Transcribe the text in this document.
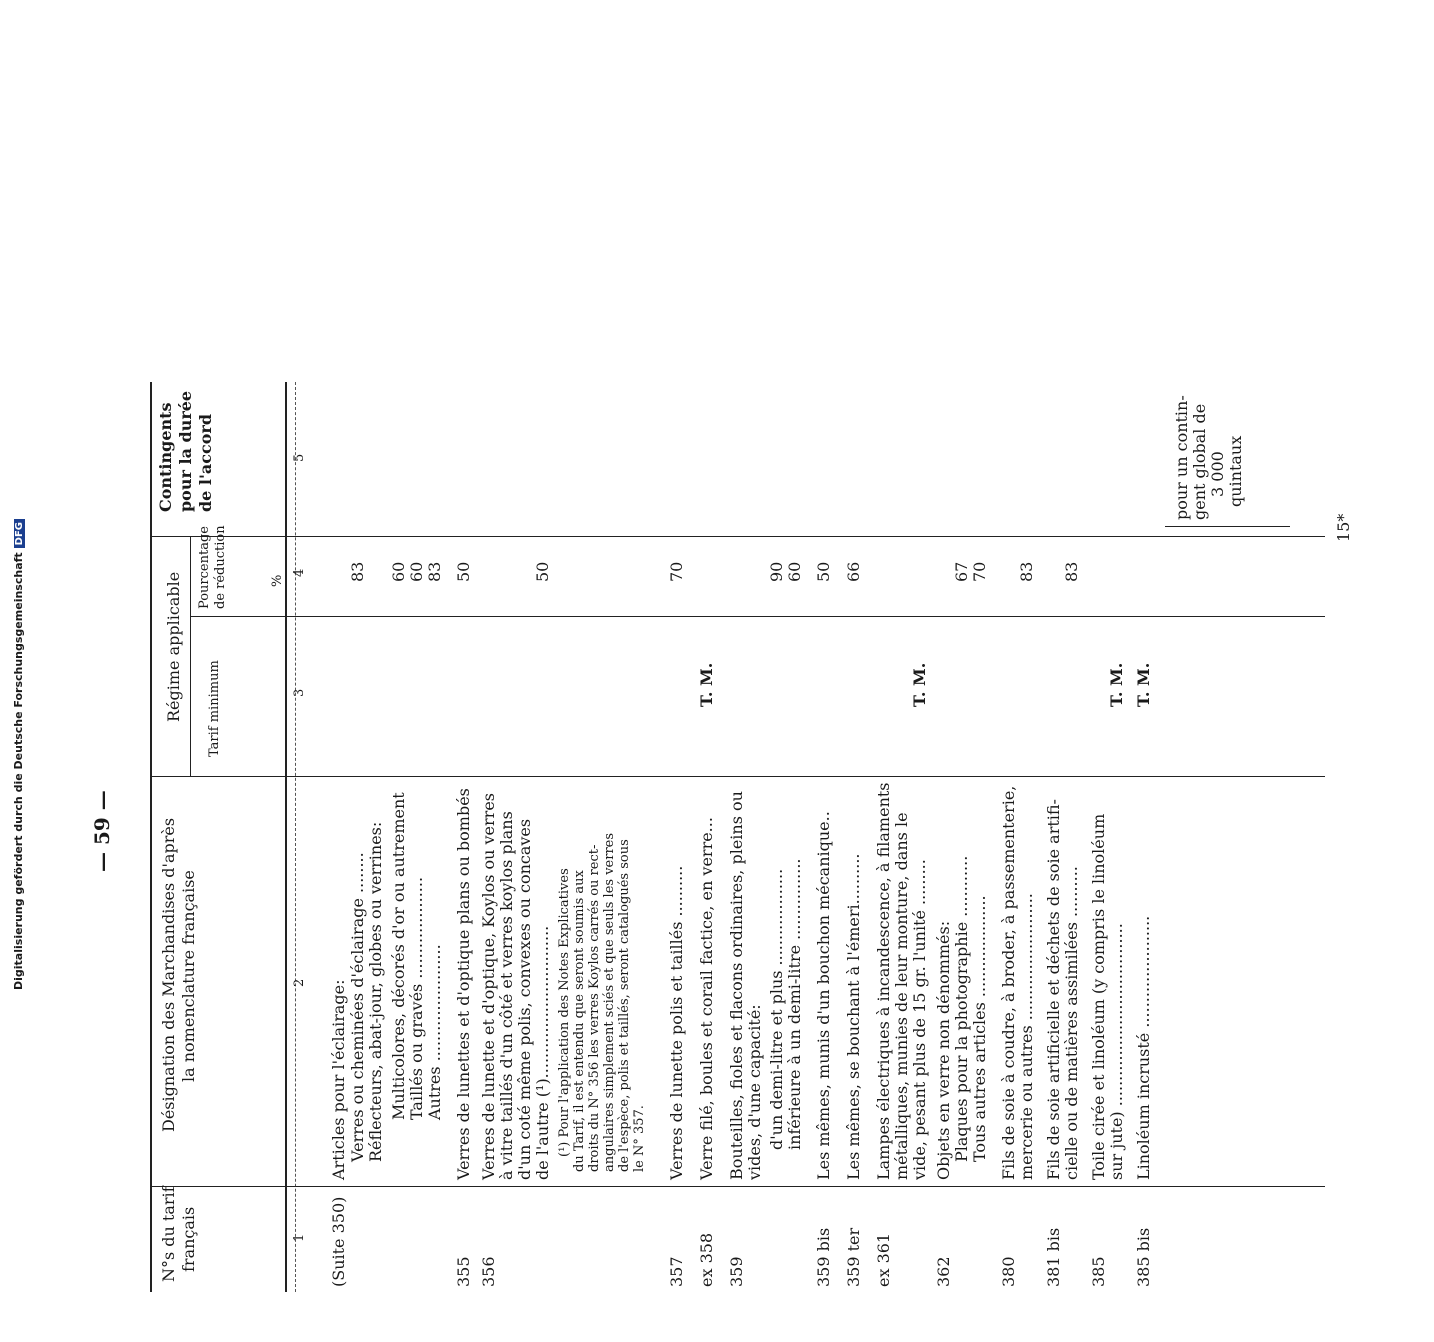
— 59 —
N°s du tarif français
Désignation des Marchandises d'après la nomenclature française
Régime applicable Tarif minimum
Pourcentage de réduction	%
Contingents pour la durée de l'accord
1
2
3
4
5
(Suite 350)
Articles pour l'éclairage: Verres ou cheminées d'éclairage ........
83
Réflecteurs, abat-jour, globes ou verrines: Multicolores, décorés d'or ou autrement
60
Taillés ou gravés ....................
60
Autres .......................
83
355
Verres de lunettes et d'optique plans ou bombés
50
356
Verres de lunette et d'optique, Koylos ou verres à vitre taillés d'un côté et verres koylos plans d'un coté même polis, convexes ou concaves de l'autre (¹)..............................
50
357
Verres de lunette polis et taillés ..........
70
ex 358
Verre filé, boules et corail factice, en verre...
T. M.
359
Bouteilles, fioles et flacons ordinaires, pleins ou vides, d'une capacité: d'un demi-litre et plus ...................
90
inférieure à un demi-litre ................
60
359 bis
Les mêmes, munis d'un bouchon mécanique..
50
359 ter
Les mêmes, se bouchant à l'émeri..........
66
ex 361
Lampes électriques à incandescence, à filaments métalliques, munies de leur monture, dans le vide, pesant plus de 15 gr. l'unité .........
T. M.
362
Objets en verre non dénommés: Plaques pour la photographie ............
67
Tous autres articles ....................
70
380
Fils de soie à coudre, à broder, à passementerie, mercerie ou autres .........................
83
381 bis
Fils de soie artificielle et déchets de soie artifi- cielle ou de matières assimilées ..........
83
385
Toile cirée et linoléum (y compris le linoléum sur jute) ....................................
T. M.
385 bis
Linoléum incrusté ......................
T. M.
(¹) Pour l'application des Notes Explicatives du Tarif, il est entendu que seront soumis aux droits du N° 356 les verres Koylos carrés ou rect- angulaires simplement sciés et que seuls les verres de l'espèce, polis et taillés, seront catalogués sous le N° 357.
pour un contin- gent global de 3 000 quintaux
15*
Digitalisierung gefördert durch die Deutsche ForschungsgemeinschaftDFG
